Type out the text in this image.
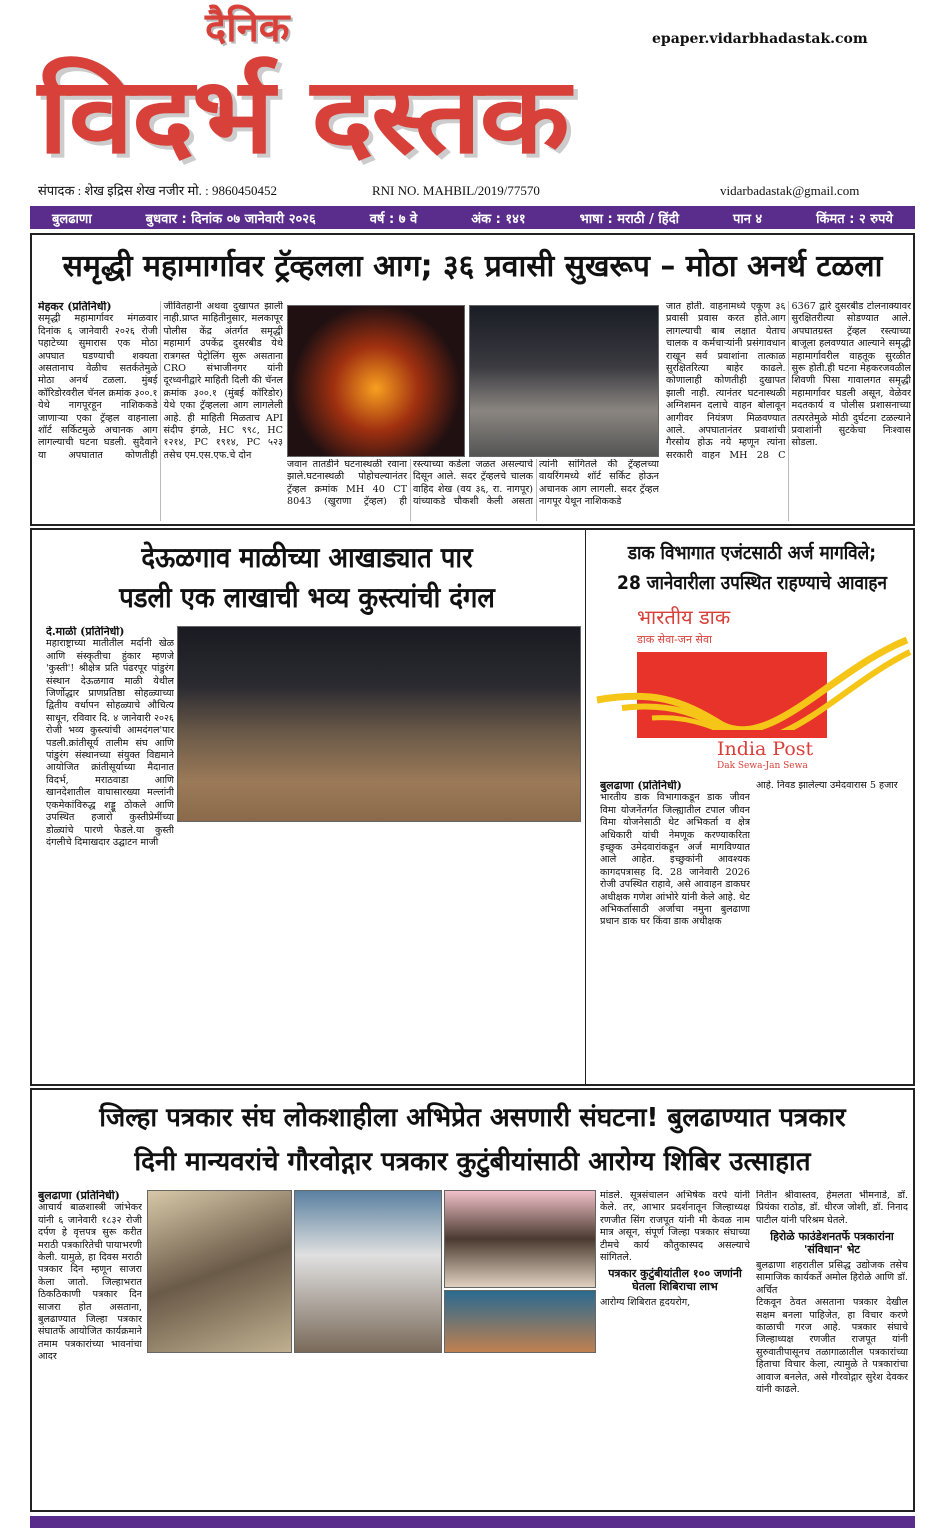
दैनिक
विदर्भ दस्तक
epaper.vidarbhadastak.com
संपादक : शेख इद्रिस शेख नजीर मो. : 9860450452	RNI NO. MAHBIL/2019/77570	vidarbadastak@gmail.com
बुलढाणा	बुधवार : दिनांक ०७ जानेवारी २०२६	वर्ष : ७ वे	अंक : १४१	भाषा : मराठी / हिंदी	पान ४	किंमत : २ रुपये
समृद्धी महामार्गावर ट्रॅव्हलला आग; ३६ प्रवासी सुखरूप – मोठा अनर्थ टळला
मेहकर (प्रतिनिधी)
समृद्धी महामार्गावर मंगळवार दिनांक ६ जानेवारी २०२६ रोजी पहाटेच्या सुमारास एक मोठा अपघात घडण्याची शक्यता असतानाच वेळीच सतर्कतेमुळे मोठा अनर्थ टळला. मुंबई कॉरिडोरवरील चॅनल क्रमांक ३००.१ येथे नागपूरहून नाशिककडे जाणाऱ्या एका ट्रॅव्हल वाहनाला शॉर्ट सर्किटमुळे अचानक आग लागल्याची घटना घडली. सुदैवाने या अपघातात कोणतीही जीवितहानी अथवा दुखापत झाली नाही.प्राप्त माहितीनुसार, मलकापूर पोलीस केंद्र अंतर्गत समृद्धी महामार्ग उपकेंद्र दुसरबीड येथे रात्रगस्त पेट्रोलिंग सुरू असताना CRO संभाजीनगर यांनी दूरध्वनीद्वारे माहिती दिली की चॅनल क्रमांक ३००.१ (मुंबई कॉरिडोर) येथे एका ट्रॅव्हलला आग लागलेली आहे. ही माहिती मिळताच API संदीप इंगळे, HC ९९८, HC १२१४, PC १९१४, PC ५२३ तसेच एम.एस.एफ.चे दोन
जवान तातडीने घटनास्थळी रवाना झाले.घटनास्थळी पोहोचल्यानंतर ट्रॅव्हल क्रमांक MH 40 CT 8043 (खुराणा ट्रॅव्हल) ही रस्त्याच्या कडेला जळत असल्याचे दिसून आले. सदर ट्रॅव्हलचे चालक वाहिद शेख (वय ३६, रा. नागपूर) यांच्याकडे चौकशी केली असता त्यांनी सांगितले की ट्रॅव्हलच्या वायरिंगमध्ये शॉर्ट सर्किट होऊन अचानक आग लागली. सदर ट्रॅव्हल नागपूर येथून नाशिककडे
जात होती. वाहनामध्ये एकूण ३६ प्रवासी प्रवास करत होते.आग लागल्याची बाब लक्षात येताच चालक व कर्मचाऱ्यांनी प्रसंगावधान राखून सर्व प्रवाशांना तात्काळ सुरक्षितरित्या बाहेर काढले. कोणालाही कोणतीही दुखापत झाली नाही. त्यानंतर घटनास्थळी अग्निशमन दलाचे वाहन बोलावून आगीवर नियंत्रण मिळवण्यात आले. अपघातानंतर प्रवाशांची गैरसोय होऊ नये म्हणून त्यांना सरकारी वाहन MH 28 C 6367 द्वारे दुसरबीड टोलनाक्यावर सुरक्षितरीत्या सोडण्यात आले. अपघातग्रस्त ट्रॅव्हल रस्त्याच्या बाजूला हलवण्यात आल्याने समृद्धी महामार्गावरील वाहतूक सुरळीत सुरू होती.ही घटना मेहकरजवळील शिवणी पिसा गावालगत समृद्धी महामार्गावर घडली असून, वेळेवर मदतकार्य व पोलीस प्रशासनाच्या तत्परतेमुळे मोठी दुर्घटना टळल्याने प्रवाशांनी सुटकेचा निःश्वास सोडला.
देऊळगाव माळीच्या आखाड्यात पार
पडली एक लाखाची भव्य कुस्त्यांची दंगल
दे.माळी (प्रतिनिधी)
महाराष्ट्राच्या मातीतील मर्दानी खेळ आणि संस्कृतीचा हुंकार म्हणजे 'कुस्ती'! श्रीक्षेत्र प्रति पंढरपूर पांडुरंग संस्थान देऊळगाव माळी येथील जिर्णोद्धार प्राणप्रतिष्ठा सोहळ्याच्या द्वितीय वर्धापन सोहळ्याचे औचित्य साधून, रविवार दि. ४ जानेवारी २०२६ रोजी भव्य कुस्त्यांची आमदंगल'पार पडली.क्रांतीसूर्य तालीम संघ आणि पांडुरंग संस्थानच्या संयुक्त विद्यमाने आयोजित क्रांतीसूर्याच्या मैदानात विदर्भ, मराठवाडा आणि खानदेशातील वाघासारख्या मल्लांनी एकमेकांविरुद्ध शड्डू ठोकले आणि उपस्थित हजारो कुस्तीप्रेमींच्या डोळ्यांचे पारणे फेडले.या कुस्ती दंगलीचे दिमाखदार उद्घाटन माजी
डाक विभागात एजंटसाठी अर्ज मागविले;
28 जानेवारीला उपस्थित राहण्याचे आवाहन
भारतीय डाक
डाक सेवा-जन सेवा
India Post
Dak Sewa-Jan Sewa
बुलढाणा (प्रतिनिधी)
भारतीय डाक विभागाकडून डाक जीवन विमा योजनेंतर्गत जिल्ह्यातील टपाल जीवन विमा योजनेसाठी थेट अभिकर्ता व क्षेत्र अधिकारी यांची नेमणूक करण्याकरिता इच्छुक उमेदवारांकडून अर्ज मागविण्यात आले आहेत. इच्छुकांनी आवश्यक कागदपत्रासह दि. 28 जानेवारी 2026 रोजी उपस्थित राहावे, असे आवाहन डाकघर अधीक्षक गणेश आंभोरे यांनी केले आहे. थेट अभिकर्तासाठी अर्जाचा नमुना बुलढाणा प्रधान डाक घर किंवा डाक अधीक्षक
आहे. निवड झालेल्या उमेदवारास 5 हजार
जिल्हा पत्रकार संघ लोकशाहीला अभिप्रेत असणारी संघटना! बुलढाण्यात पत्रकार
दिनी मान्यवरांचे गौरवोद्गार पत्रकार कुटुंबीयांसाठी आरोग्य शिबिर उत्साहात
बुलढाणा (प्रतिनिधी)
आचार्य बाळशास्त्री जांभेकर यांनी ६ जानेवारी १८३२ रोजी दर्पण हे वृत्तपत्र सुरू करीत मराठी पत्रकारितेची पायाभरणी केली. यामुळे, हा दिवस मराठी पत्रकार दिन म्हणून साजरा केला जातो. जिल्हाभरात ठिकठिकाणी पत्रकार दिन साजरा होत असताना, बुलढाण्यात जिल्हा पत्रकार संघातर्फे आयोजित कार्यक्रमाने तमाम पत्रकारांच्या भावनांचा आदर
मांडले. सूत्रसंचालन अभिषेक वरपे यांनी केले. तर, आभार प्रदर्शनातून जिल्हाध्यक्ष रणजीत सिंग राजपूत यांनी मी केवळ नाम मात्र असून, संपूर्ण जिल्हा पत्रकार संघाच्या टीमचे कार्य कौतुकास्पद असल्याचे सांगितले.
पत्रकार कुटुंबीयांतील १०० जणांनी घेतला शिबिराचा लाभ
आरोग्य शिबिरात हृदयरोग,
नितीन श्रीवास्तव, हेमलता भीमनाडे, डॉ. प्रियंका राठोड, डॉ. धीरज जोशी, डॉ. निनाद पाटील यांनी परिश्रम घेतले.
हिरोळे फाउंडेशनतर्फे पत्रकारांना 'संविधान' भेट
बुलढाणा शहरातील प्रसिद्ध उद्योजक तसेच सामाजिक कार्यकर्ते अमोल हिरोळे आणि डॉ. अर्चित
टिकवून ठेवत असताना पत्रकार देखील सक्षम बनला पाहिजेत, हा विचार करणे काळाची गरज आहे. पत्रकार संघाचे जिल्हाध्यक्ष रणजीत राजपूत यांनी सुरुवातीपासूनच तळागाळातील पत्रकारांच्या हिताचा विचार केला, त्यामुळे ते पत्रकारांचा आवाज बनलेत, असे गौरवोद्गार सुरेश देवकर यांनी काढले.
